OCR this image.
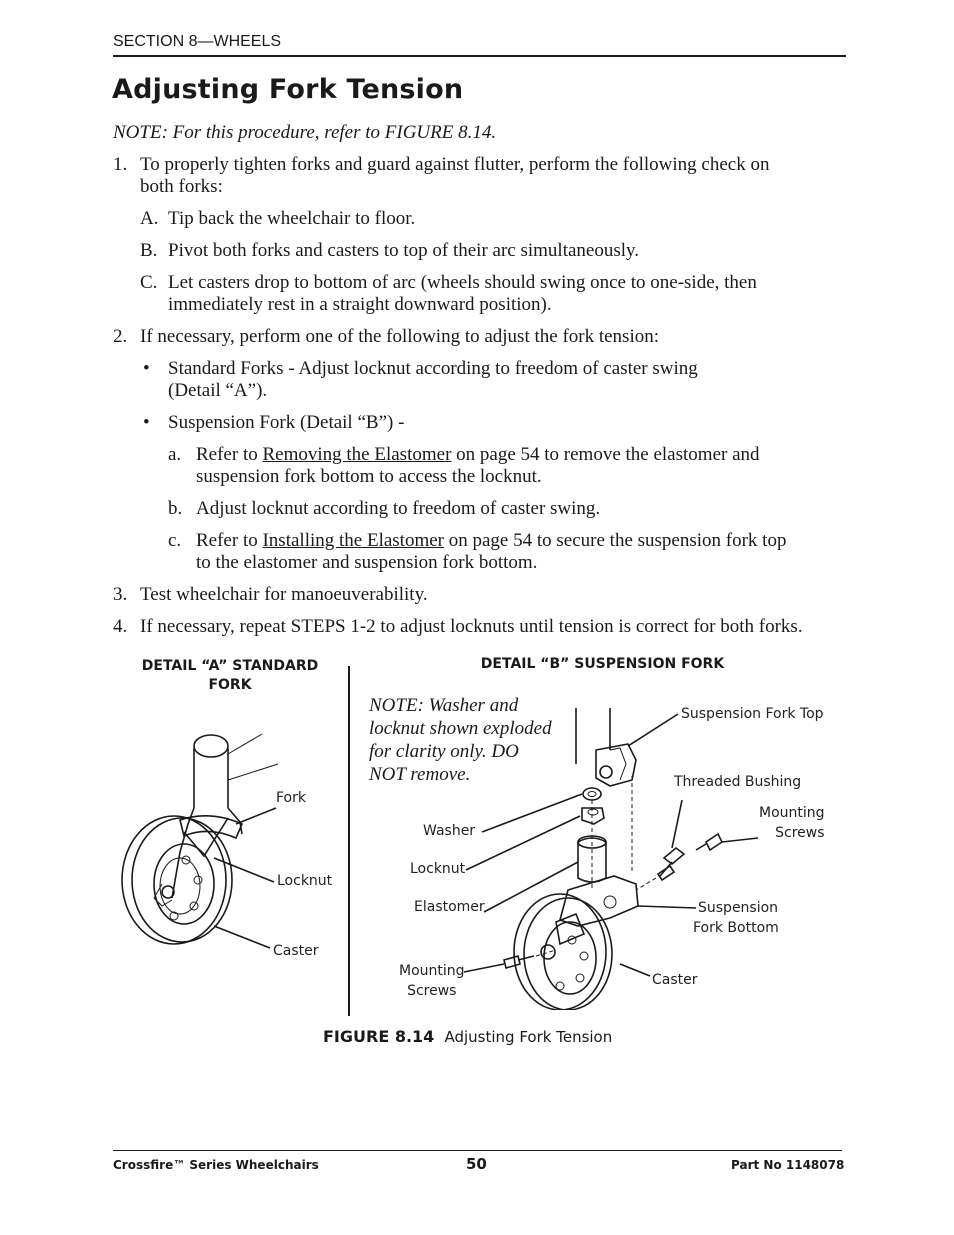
SECTION 8—WHEELS
Adjusting Fork Tension
NOTE: For this procedure, refer to FIGURE 8.14.
1. To properly tighten forks and guard against flutter, perform the following check on
both forks:
A. Tip back the wheelchair to floor.
B. Pivot both forks and casters to top of their arc simultaneously.
C. Let casters drop to bottom of arc (wheels should swing once to one-side, then
immediately rest in a straight downward position).
2. If necessary, perform one of the following to adjust the fork tension:
• Standard Forks - Adjust locknut according to freedom of caster swing
(Detail “A”).
• Suspension Fork (Detail “B”) -
a. Refer to Removing the Elastomer on page 54 to remove the elastomer and
suspension fork bottom to access the locknut.
b. Adjust locknut according to freedom of caster swing.
c. Refer to Installing the Elastomer on page 54 to secure the suspension fork top
to the elastomer and suspension fork bottom.
3. Test wheelchair for manoeuverability.
4. If necessary, repeat STEPS 1-2 to adjust locknuts until tension is correct for both forks.
DETAIL “A” STANDARD
FORK
DETAIL “B” SUSPENSION FORK
NOTE: Washer and
locknut shown exploded
for clarity only. DO
NOT remove.
Fork
Locknut
Caster
Suspension Fork Top
Threaded Bushing
Mounting
Screws
Washer
Locknut
Elastomer	Suspension
Fork Bottom
Mounting
Screws
Caster
FIGURE 8.14 Adjusting Fork Tension
Crossfire™ Series Wheelchairs	50	Part No 1148078
